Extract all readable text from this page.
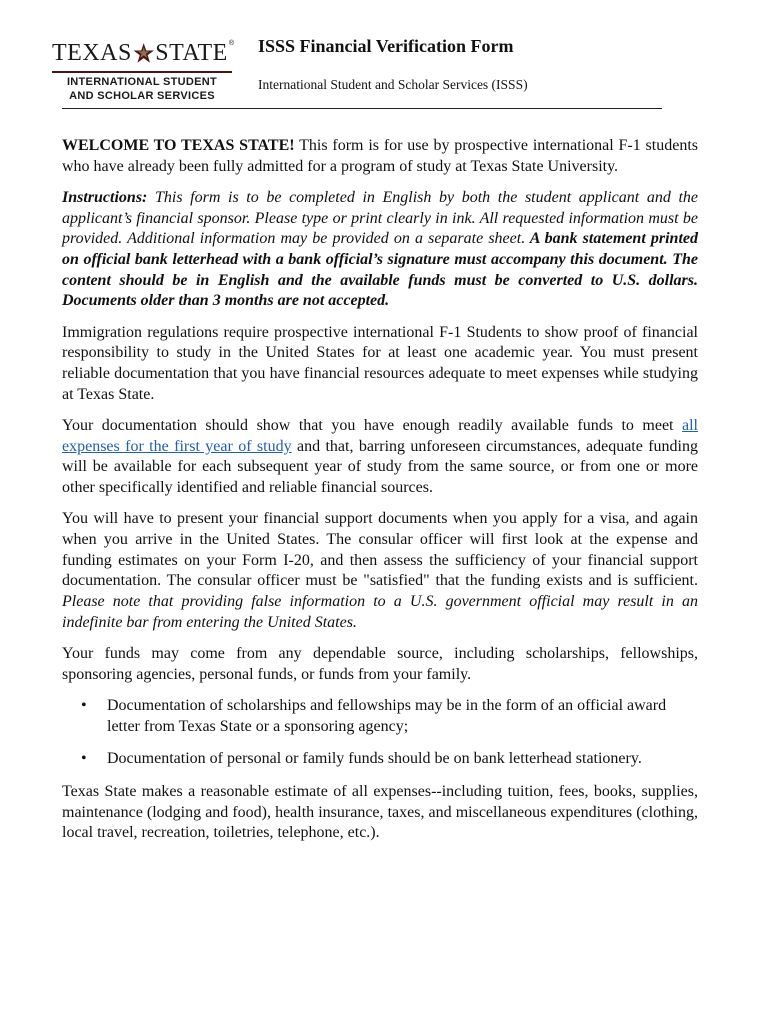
TEXAS STATE ®
INTERNATIONAL STUDENT
AND SCHOLAR SERVICES
ISSS Financial Verification Form
International Student and Scholar Services (ISSS)

WELCOME TO TEXAS STATE! This form is for use by prospective international F-1 students who have already been fully admitted for a program of study at Texas State University.

Instructions: This form is to be completed in English by both the student applicant and the applicant’s financial sponsor. Please type or print clearly in ink. All requested information must be provided. Additional information may be provided on a separate sheet. A bank statement printed on official bank letterhead with a bank official’s signature must accompany this document. The content should be in English and the available funds must be converted to U.S. dollars. Documents older than 3 months are not accepted.

Immigration regulations require prospective international F-1 Students to show proof of financial responsibility to study in the United States for at least one academic year. You must present reliable documentation that you have financial resources adequate to meet expenses while studying at Texas State.

Your documentation should show that you have enough readily available funds to meet all expenses for the first year of study and that, barring unforeseen circumstances, adequate funding will be available for each subsequent year of study from the same source, or from one or more other specifically identified and reliable financial sources.

You will have to present your financial support documents when you apply for a visa, and again when you arrive in the United States. The consular officer will first look at the expense and funding estimates on your Form I-20, and then assess the sufficiency of your financial support documentation. The consular officer must be "satisfied" that the funding exists and is sufficient. Please note that providing false information to a U.S. government official may result in an indefinite bar from entering the United States.

Your funds may come from any dependable source, including scholarships, fellowships, sponsoring agencies, personal funds, or funds from your family.

• Documentation of scholarships and fellowships may be in the form of an official award letter from Texas State or a sponsoring agency;
• Documentation of personal or family funds should be on bank letterhead stationery.

Texas State makes a reasonable estimate of all expenses--including tuition, fees, books, supplies, maintenance (lodging and food), health insurance, taxes, and miscellaneous expenditures (clothing, local travel, recreation, toiletries, telephone, etc.).
